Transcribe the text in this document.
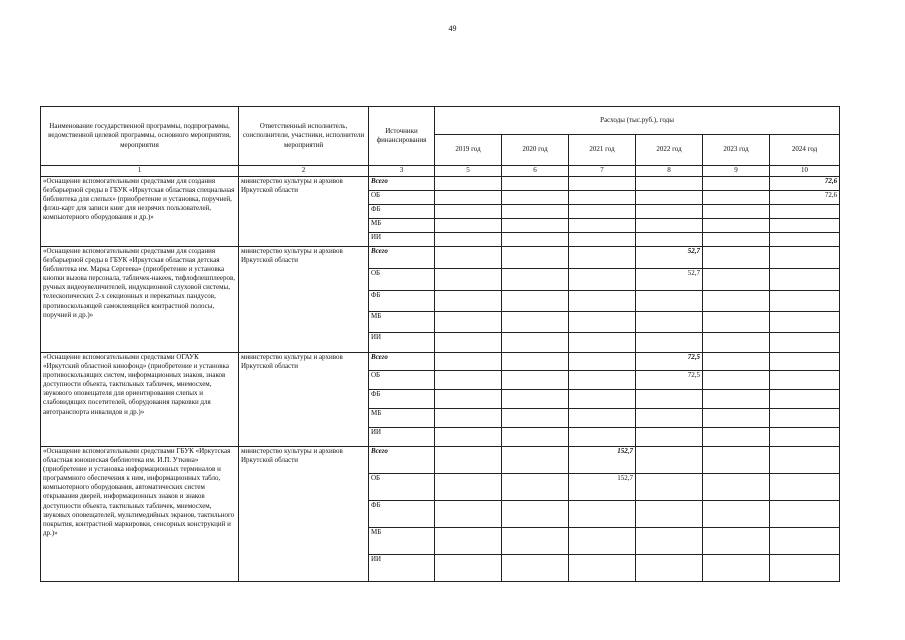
49
Наименование государственной программы, подпрограммы, ведомственной целевой программы, основного мероприятия, мероприятия	Ответственный исполнитель, соисполнители, участники, исполнители мероприятий	Источники финансирования	Расходы (тыс.руб.), годы					
			2019 год	2020 год	2021 год	2022 год	2023 год	2024 год
1	2	3	5	6	7	8	9	10
«Оснащение вспомогательными средствами для создания безбарьерной среды в ГБУК «Иркутская областная специальная библиотека для слепых» (приобретение и установка, поручней, флэш-карт для записи книг для незрячих пользователей, компьютерного оборудования и др.)»	министерство культуры и архивов Иркутской области	Всего						72,6
		ОБ						72,6
		ФБ						
		МБ						
		ИИ						
«Оснащение вспомогательными средствами для создания безбарьерной среды в ГБУК «Иркутская областная детская библиотека им. Марка Сергеева» (приобретение и установка кнопки вызова персонала, табличек-накеек, тифлофлешплееров, ручных видеоувеличителей, индукционной слуховой системы, телескопических 2-х секционных и перекатных пандусов, противоскользящей самоклеящейся контрастной полосы, поручней и др.)»	министерство культуры и архивов Иркутской области	Всего				52,7		
		ОБ				52,7		
		ФБ						
		МБ						
		ИИ						
«Оснащение вспомогательными средствами ОГАУК «Иркутский областной кинофонд» (приобретение и установка противоскользящих систем, информационных знаков, знаков доступности объекта, тактильных табличек, мнемосхем, звукового оповещателя для ориентирования слепых и слабовидящих посетителей, оборудования парковки для автотранспорта инвалидов и др.)»	министерство культуры и архивов Иркутской области	Всего				72,5		
		ОБ				72,5		
		ФБ						
		МБ						
		ИИ						
«Оснащение вспомогательными средствами ГБУК «Иркутская областная юношеская библиотека им. И.П. Уткина» (приобретение и установка информационных терминалов и программного обеспечения к ним, информационных табло, компьютерного оборудования, автоматических систем открывания дверей, информационных знаков и знаков доступности объекта, тактильных табличек, мнемосхем, звуковых оповещателей, мультимедийных экранов, тактильного покрытия, контрастной маркировки, сенсорных конструкций и др.)»	министерство культуры и архивов Иркутской области	Всего			152,7			
		ОБ			152,7			
		ФБ						
		МБ						
		ИИ						
